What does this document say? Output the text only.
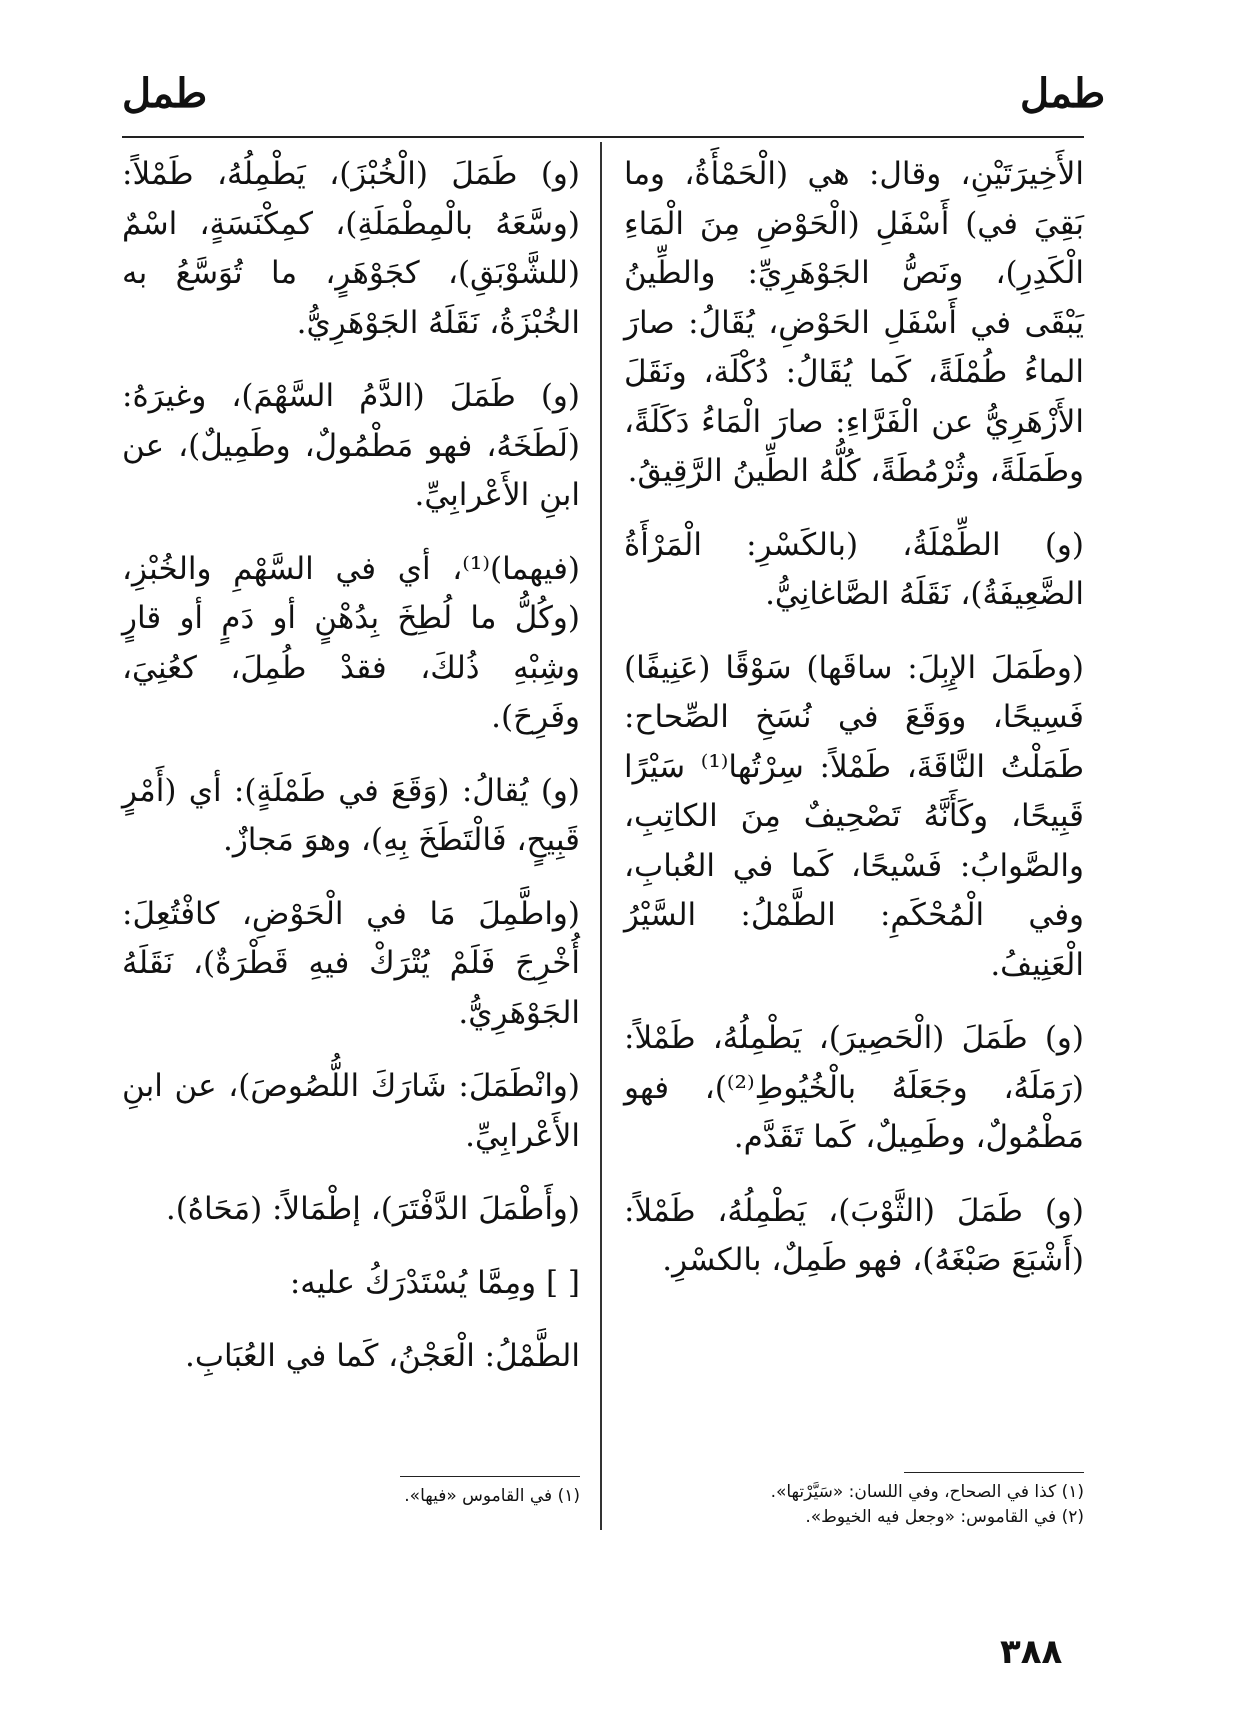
طمل
طمل

الأَخِيرَتَيْنِ، وقال: هي (الْحَمْأَةُ، وما بَقِيَ في) أَسْفَلِ (الْحَوْضِ مِنَ الْمَاءِ الْكَدِرِ)، ونَصُّ الجَوْهَرِيِّ: والطِّينُ يَبْقَى في أَسْفَلِ الحَوْضِ، يُقَالُ: صارَ الماءُ طُمْلَةً، كَما يُقَالُ: دُكْلَة، ونَقَلَ الأَزْهَرِيُّ عن الْفَرَّاءِ: صارَ الْمَاءُ دَكَلَةً، وطَمَلَةً، وثُرْمُطَةً، كُلُّهُ الطِّينُ الرَّقِيقُ.

(و) الطِّمْلَةُ، (بالكَسْرِ: الْمَرْأَةُ الضَّعِيفَةُ)، نَقَلَهُ الصَّاغانِيُّ.

(وطَمَلَ الإِبِلَ: ساقَها) سَوْقًا (عَنِيفًا) فَسِيحًا، ووَقَعَ في نُسَخِ الصِّحاح: طَمَلْتُ النَّاقَةَ، طَمْلاً: سِرْتُها⁽¹⁾ سَيْرًا قَبِيحًا، وكَأَنَّهُ تَصْحِيفٌ مِنَ الكاتِبِ، والصَّوابُ: فَسْيحًا، كَما في العُبابِ، وفي الْمُحْكَمِ: الطَّمْلُ: السَّيْرُ الْعَنِيفُ.

(و) طَمَلَ (الْحَصِيرَ)، يَطْمِلُهُ، طَمْلاً: (رَمَلَهُ، وجَعَلَهُ بالْخُيُوطِ⁽²⁾)، فهو مَطْمُولٌ، وطَمِيلٌ، كَما تَقَدَّم.

(و) طَمَلَ (الثَّوْبَ)، يَطْمِلُهُ، طَمْلاً: (أَشْبَعَ صَبْغَهُ)، فهو طَمِلٌ، بالكسْرِ.

(و) طَمَلَ (الْخُبْزَ)، يَطْمِلُهُ، طَمْلاً: (وسَّعَهُ بالْمِطْمَلَةِ)، كمِكْنَسَةٍ، اسْمٌ (للشَّوْبَقِ)، كجَوْهَرٍ، ما تُوَسَّعُ به الخُبْزَةُ، نَقَلَهُ الجَوْهَرِيُّ.

(و) طَمَلَ (الدَّمُ السَّهْمَ)، وغيرَهُ: (لَطَخَهُ، فهو مَطْمُولٌ، وطَمِيلٌ)، عن ابنِ الأَعْرابِيِّ.

(فيهما)⁽¹⁾، أي في السَّهْمِ والخُبْزِ، (وكُلُّ ما لُطِخَ بِدُهْنٍ أو دَمٍ أو قارٍ وشِبْهِ ذُلكَ، فقدْ طُمِلَ، كعُنِيَ، وفَرِحَ).

(و) يُقالُ: (وَقَعَ في طَمْلَةٍ): أي (أَمْرٍ قَبِيحٍ، فَالْتَطَخَ بِهِ)، وهوَ مَجازٌ.

(واطَّمِلَ مَا في الْحَوْضِ، كافْتُعِلَ: أُخْرِجَ فَلَمْ يُتْرَكْ فيهِ قَطْرَةٌ)، نَقَلَهُ الجَوْهَرِيُّ.

(وانْطَمَلَ: شَارَكَ اللُّصُوصَ)، عن ابنِ الأَعْرابِيِّ.

(وأَطْمَلَ الدَّفْتَرَ)، إطْمَالاً: (مَحَاهُ).

[ ] ومِمَّا يُسْتَدْرَكُ عليه:

الطَّمْلُ: الْعَجْنُ، كَما في العُبَابِ.

(١) كذا في الصحاح، وفي اللسان: «سَيَّرْتها».
(٢) في القاموس: «وجعل فيه الخيوط».
(١) في القاموس «فيها».
٣٨٨
